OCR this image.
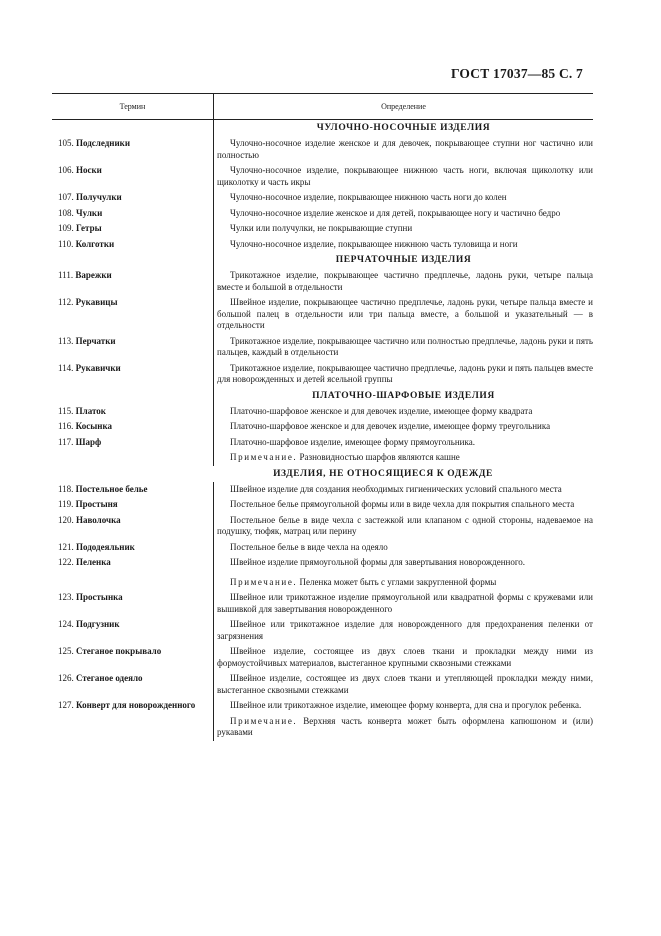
ГОСТ 17037—85 С. 7
Термин	Определение
ЧУЛОЧНО-НОСОЧНЫЕ ИЗДЕЛИЯ
105. Подследники	Чулочно-носочное изделие женское и для девочек, покрывающее ступни ног частично или полностью
106. Носки	Чулочно-носочное изделие, покрывающее нижнюю часть ноги, включая щиколотку или щиколотку и часть икры
107. Получулки	Чулочно-носочное изделие, покрывающее нижнюю часть ноги до колен
108. Чулки	Чулочно-носочное изделие женское и для детей, покрывающее ногу и частично бедро
109. Гетры	Чулки или получулки, не покрывающие ступни
110. Колготки	Чулочно-носочное изделие, покрывающее нижнюю часть туловища и ноги
ПЕРЧАТОЧНЫЕ ИЗДЕЛИЯ
111. Варежки	Трикотажное изделие, покрывающее частично предплечье, ладонь руки, четыре пальца вместе и большой в отдельности
112. Рукавицы	Швейное изделие, покрывающее частично предплечье, ладонь руки, четыре пальца вместе и большой палец в отдельности или три пальца вместе, а большой и указательный — в отдельности
113. Перчатки	Трикотажное изделие, покрывающее частично или полностью предплечье, ладонь руки и пять пальцев, каждый в отдельности
114. Рукавички	Трикотажное изделие, покрывающее частично предплечье, ладонь руки и пять пальцев вместе для новорожденных и детей ясельной группы
ПЛАТОЧНО-ШАРФОВЫЕ ИЗДЕЛИЯ
115. Платок	Платочно-шарфовое женское и для девочек изделие, имеющее форму квадрата
116. Косынка	Платочно-шарфовое женское и для девочек изделие, имеющее форму треугольника
117. Шарф	Платочно-шарфовое изделие, имеющее форму прямоугольника.
Примечание. Разновидностью шарфов являются кашне
ИЗДЕЛИЯ, НЕ ОТНОСЯЩИЕСЯ К ОДЕЖДЕ
118. Постельное белье	Швейное изделие для создания необходимых гигиенических условий спального места
119. Простыня	Постельное белье прямоугольной формы или в виде чехла для покрытия спального места
120. Наволочка	Постельное белье в виде чехла с застежкой или клапаном с одной стороны, надеваемое на подушку, тюфяк, матрац или перину
121. Пододеяльник	Постельное белье в виде чехла на одеяло
122. Пеленка	Швейное изделие прямоугольной формы для завертывания новорожденного.
Примечание. Пеленка может быть с углами закругленной формы
123. Простынка	Швейное или трикотажное изделие прямоугольной или квадратной формы с кружевами или вышивкой для завертывания новорожденного
124. Подгузник	Швейное или трикотажное изделие для новорожденного для предохранения пеленки от загрязнения
125. Стеганое покрывало	Швейное изделие, состоящее из двух слоев ткани и прокладки между ними из формоустойчивых материалов, выстеганное крупными сквозными стежками
126. Стеганое одеяло	Швейное изделие, состоящее из двух слоев ткани и утепляющей прокладки между ними, выстеганное сквозными стежками
127. Конверт для новорожденного	Швейное или трикотажное изделие, имеющее форму конверта, для сна и прогулок ребенка.
Примечание. Верхняя часть конверта может быть оформлена капюшоном и (или) рукавами
